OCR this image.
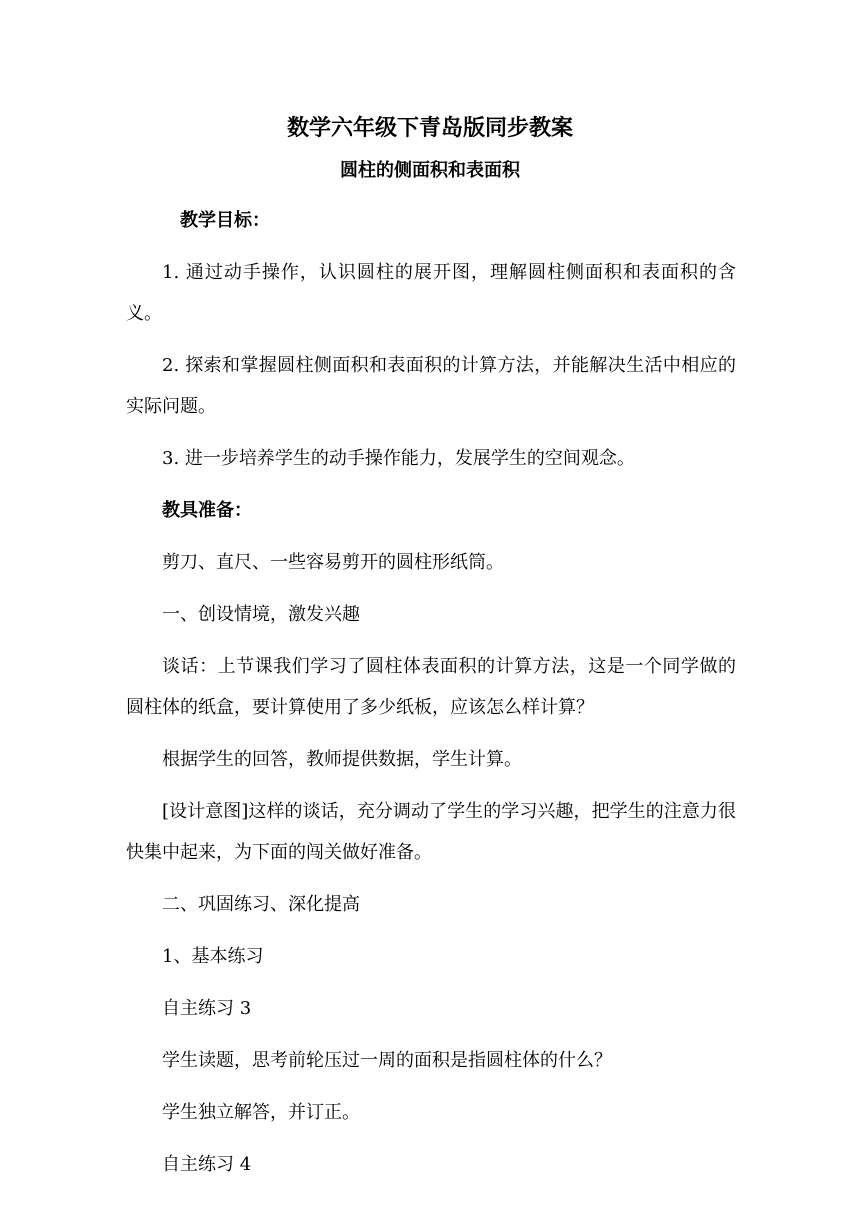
数学六年级下青岛版同步教案
圆柱的侧面积和表面积

教学目标：

1. 通过动手操作，认识圆柱的展开图，理解圆柱侧面积和表面积的含义。

2. 探索和掌握圆柱侧面积和表面积的计算方法，并能解决生活中相应的实际问题。

3. 进一步培养学生的动手操作能力，发展学生的空间观念。

教具准备：

剪刀、直尺、一些容易剪开的圆柱形纸筒。

一、创设情境，激发兴趣

谈话：上节课我们学习了圆柱体表面积的计算方法，这是一个同学做的圆柱体的纸盒，要计算使用了多少纸板，应该怎么样计算？

根据学生的回答，教师提供数据，学生计算。

[设计意图]这样的谈话，充分调动了学生的学习兴趣，把学生的注意力很快集中起来，为下面的闯关做好准备。

二、巩固练习、深化提高

1、基本练习

自主练习 3

学生读题，思考前轮压过一周的面积是指圆柱体的什么？

学生独立解答，并订正。

自主练习 4
